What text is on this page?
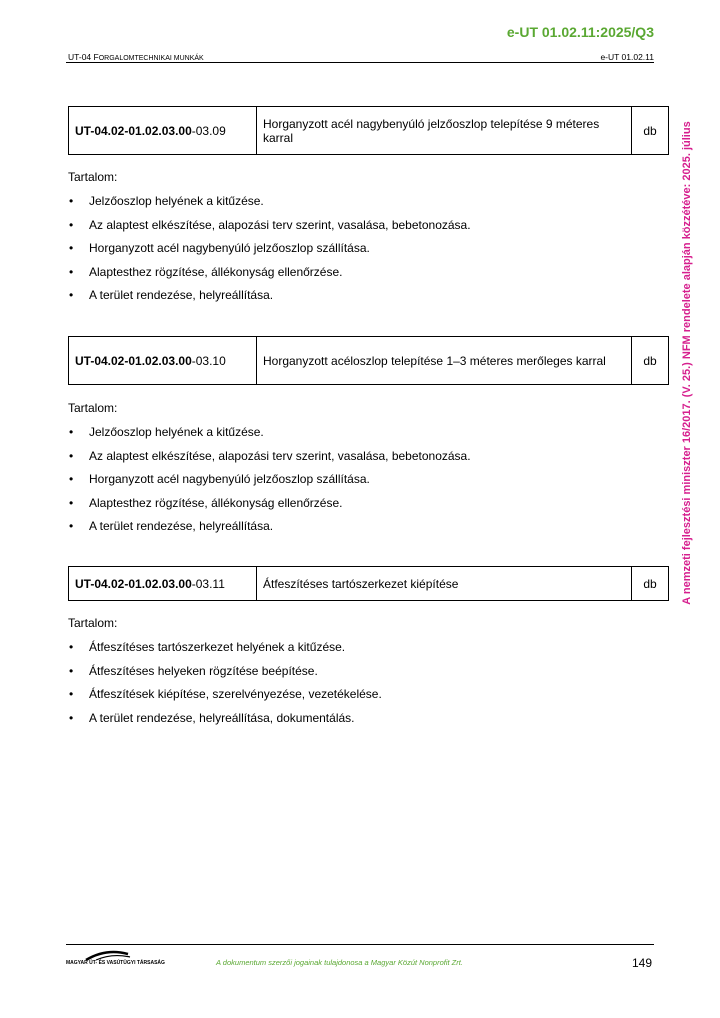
e-UT 01.02.11:2025/Q3
UT-04 FORGALOMTECHNIKAI MUNKÁK	e-UT 01.02.11
A nemzeti fejlesztési miniszter 16/2017. (V. 25.) NFM rendelete alapján közzétéve: 2025. július
UT-04.02-01.02.03.00-03.09	Horganyzott acél nagybenyúló jelzőoszlop telepítése 9 méteres karral	db
Tartalom:
• Jelzőoszlop helyének a kitűzése.
• Az alaptest elkészítése, alapozási terv szerint, vasalása, bebetonozása.
• Horganyzott acél nagybenyúló jelzőoszlop szállítása.
• Alaptesthez rögzítése, állékonyság ellenőrzése.
• A terület rendezése, helyreállítása.
UT-04.02-01.02.03.00-03.10	Horganyzott acéloszlop telepítése 1–3 méteres merőleges karral	db
Tartalom:
• Jelzőoszlop helyének a kitűzése.
• Az alaptest elkészítése, alapozási terv szerint, vasalása, bebetonozása.
• Horganyzott acél nagybenyúló jelzőoszlop szállítása.
• Alaptesthez rögzítése, állékonyság ellenőrzése.
• A terület rendezése, helyreállítása.
UT-04.02-01.02.03.00-03.11	Átfeszítéses tartószerkezet kiépítése	db
Tartalom:
• Átfeszítéses tartószerkezet helyének a kitűzése.
• Átfeszítéses helyeken rögzítése beépítése.
• Átfeszítések kiépítése, szerelvényezése, vezetékelése.
• A terület rendezése, helyreállítása, dokumentálás.
MAGYAR ÚT- ÉS VASÚTÜGYI TÁRSASÁG	A dokumentum szerzői jogainak tulajdonosa a Magyar Közút Nonprofit Zrt.	149
